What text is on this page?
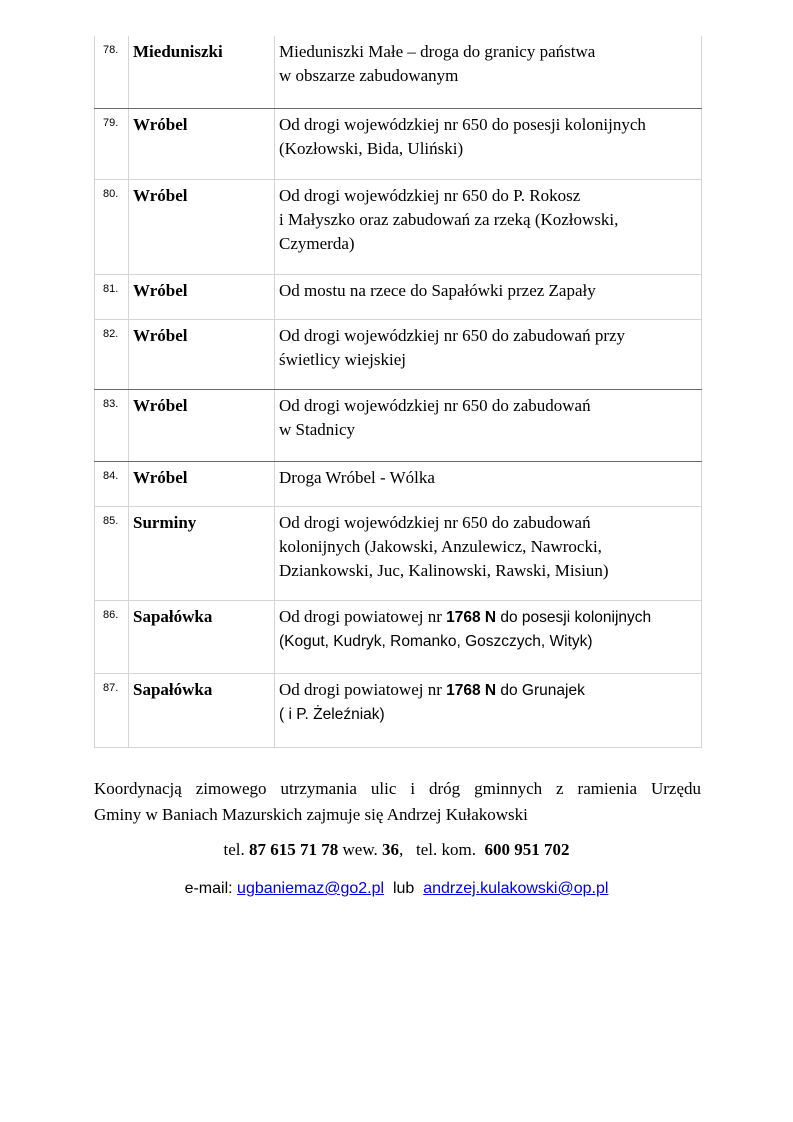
78.	Mieduniszki	Mieduniszki Małe – droga do granicy państwa
w obszarze zabudowanym

79.	Wróbel	Od drogi wojewódzkiej nr 650 do posesji kolonijnych
(Kozłowski, Bida, Uliński)

80.	Wróbel	Od drogi wojewódzkiej nr 650 do P. Rokosz
i Małyszko oraz zabudowań za rzeką (Kozłowski,
Czymerda)

81.	Wróbel	Od mostu na rzece do Sapałówki przez Zapały

82.	Wróbel	Od drogi wojewódzkiej nr 650 do zabudowań przy
świetlicy wiejskiej

83.	Wróbel	Od drogi wojewódzkiej nr 650 do zabudowań
w Stadnicy

84.	Wróbel	Droga Wróbel - Wólka

85.	Surminy	Od drogi wojewódzkiej nr 650 do zabudowań
kolonijnych (Jakowski, Anzulewicz, Nawrocki,
Dziankowski, Juc, Kalinowski, Rawski, Misiun)

86.	Sapałówka	Od drogi powiatowej nr 1768 N do posesji kolonijnych
(Kogut, Kudryk, Romanko, Goszczych, Wityk)

87.	Sapałówka	Od drogi powiatowej nr 1768 N do Grunajek
( i P. Żeleźniak)
Koordynacją zimowego utrzymania ulic i dróg gminnych z ramienia Urzędu
Gminy w Baniach Mazurskich zajmuje się Andrzej Kułakowski
tel. 87 615 71 78 wew. 36,   tel. kom. 600 951 702
e-mail: ugbaniemaz@go2.pl lub andrzej.kulakowski@op.pl
